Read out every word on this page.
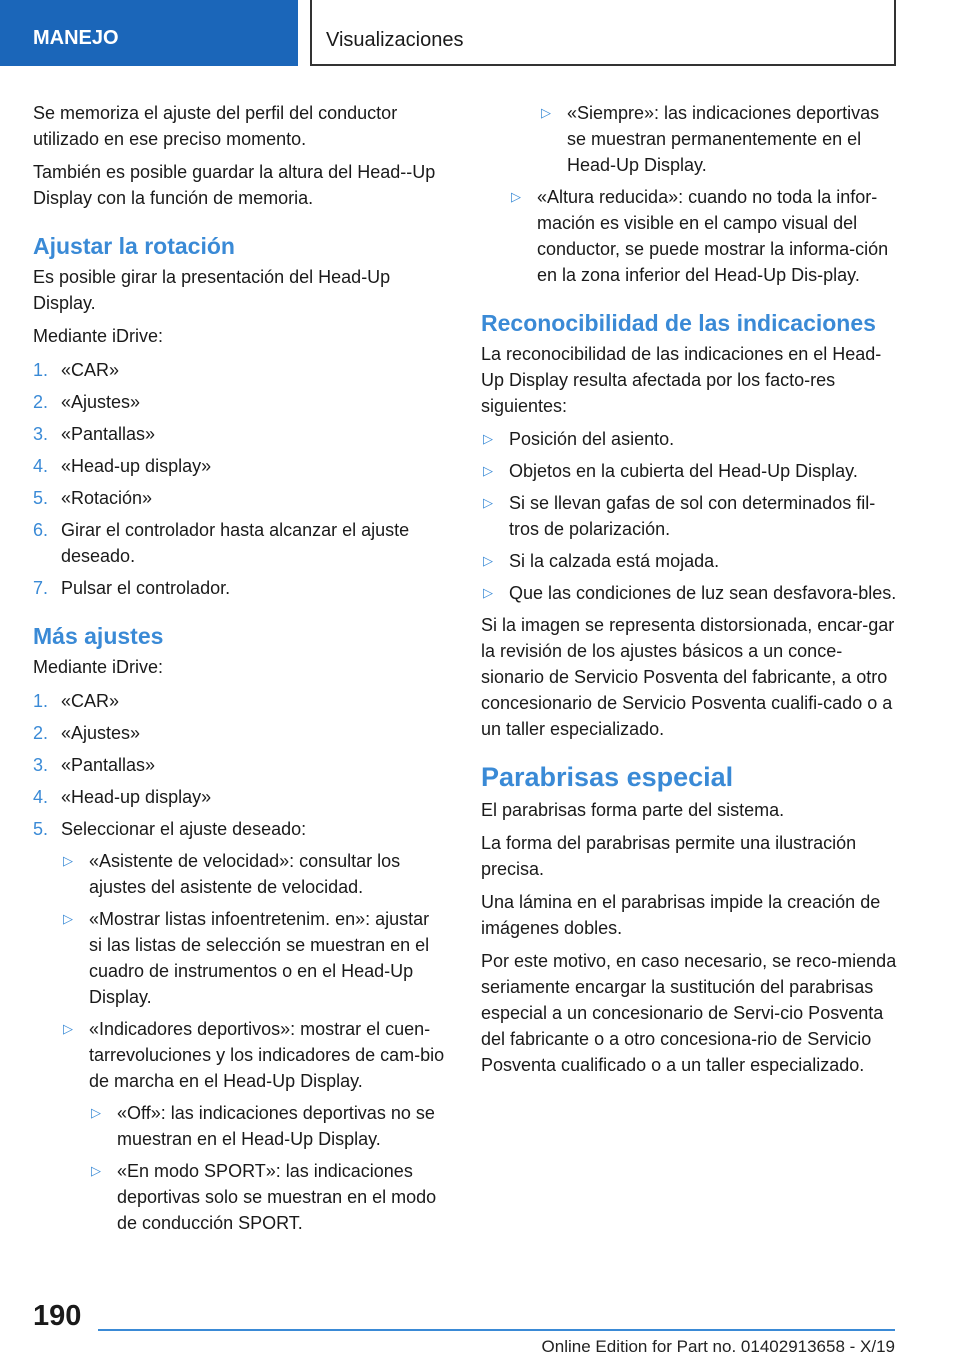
MANEJO	Visualizaciones

Se memoriza el ajuste del perfil del conductor utilizado en ese preciso momento.

También es posible guardar la altura del Head--Up Display con la función de memoria.

Ajustar la rotación

Es posible girar la presentación del Head-Up Display.

Mediante iDrive:

1. «CAR»
2. «Ajustes»
3. «Pantallas»
4. «Head-up display»
5. «Rotación»
6. Girar el controlador hasta alcanzar el ajuste deseado.
7. Pulsar el controlador.
Más ajustes

Mediante iDrive:

1. «CAR»
2. «Ajustes»
3. «Pantallas»
4. «Head-up display»
5. Seleccionar el ajuste deseado:
▷ «Asistente de velocidad»: consultar los ajustes del asistente de velocidad.
▷ «Mostrar listas infoentretenim. en»: ajustar si las listas de selección se muestran en el cuadro de instrumentos o en el Head-Up Display.
▷ «Indicadores deportivos»: mostrar el cuen-tarrevoluciones y los indicadores de cam-bio de marcha en el Head-Up Display.
▷ «Off»: las indicaciones deportivas no se muestran en el Head-Up Display.
▷ «En modo SPORT»: las indicaciones deportivas solo se muestran en el modo de conducción SPORT.
▷ «Siempre»: las indicaciones deportivas se muestran permanentemente en el Head-Up Display.
▷ «Altura reducida»: cuando no toda la infor-mación es visible en el campo visual del conductor, se puede mostrar la informa-ción en la zona inferior del Head-Up Dis-play.
Reconocibilidad de las indicaciones

La reconocibilidad de las indicaciones en el Head-Up Display resulta afectada por los facto-res siguientes:

▷ Posición del asiento.
▷ Objetos en la cubierta del Head-Up Display.
▷ Si se llevan gafas de sol con determinados fil-tros de polarización.
▷ Si la calzada está mojada.
▷ Que las condiciones de luz sean desfavora-bles.

Si la imagen se representa distorsionada, encar-gar la revisión de los ajustes básicos a un conce-sionario de Servicio Posventa del fabricante, a otro concesionario de Servicio Posventa cualifi-cado o a un taller especializado.

Parabrisas especial

El parabrisas forma parte del sistema.

La forma del parabrisas permite una ilustración precisa.

Una lámina en el parabrisas impide la creación de imágenes dobles.

Por este motivo, en caso necesario, se reco-mienda seriamente encargar la sustitución del parabrisas especial a un concesionario de Servi-cio Posventa del fabricante o a otro concesiona-rio de Servicio Posventa cualificado o a un taller especializado.

190
Online Edition for Part no. 01402913658 - X/19
